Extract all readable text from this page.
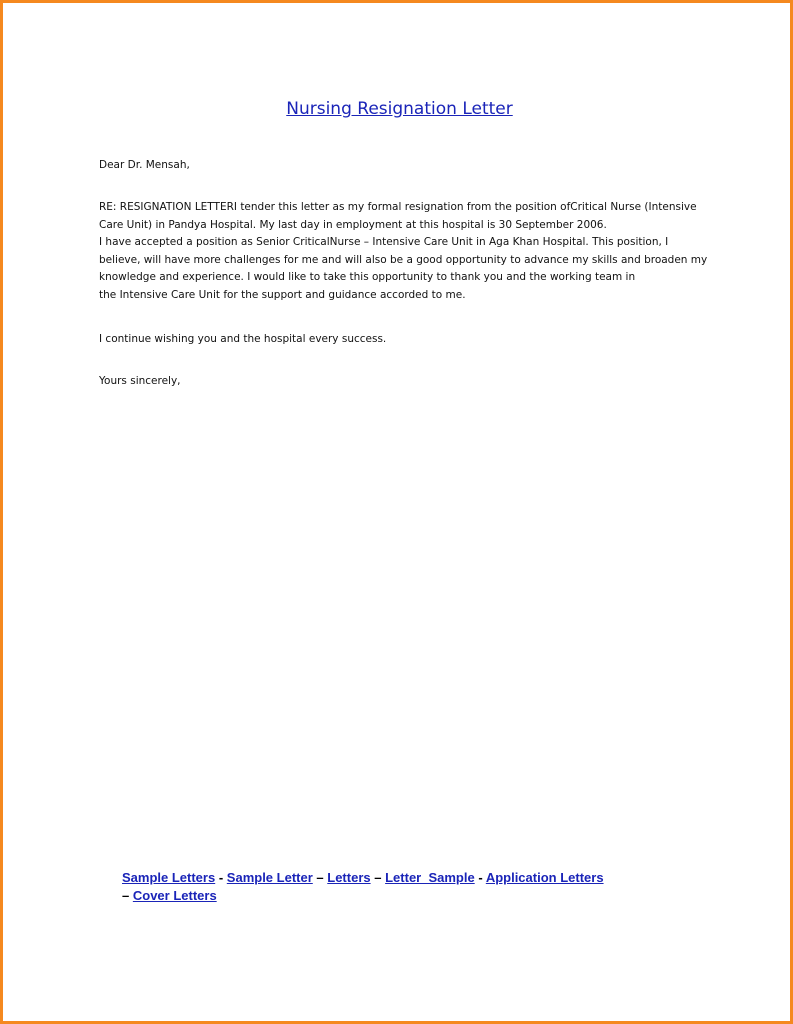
Nursing Resignation Letter

Dear Dr. Mensah,

RE: RESIGNATION LETTERI tender this letter as my formal resignation from the position ofCritical Nurse (Intensive

Care Unit) in Pandya Hospital. My last day in employment at this hospital is 30 September 2006.

I have accepted a position as Senior CriticalNurse – Intensive Care Unit in Aga Khan Hospital. This position, I

believe, will have more challenges for me and will also be a good opportunity to advance my skills and broaden my

knowledge and experience. I would like to take this opportunity to thank you and the working team in

the Intensive Care Unit for the support and guidance accorded to me.

I continue wishing you and the hospital every success.

Yours sincerely,

Sample Letters - Sample Letter – Letters – Letter  Sample - Application Letters
– Cover Letters
